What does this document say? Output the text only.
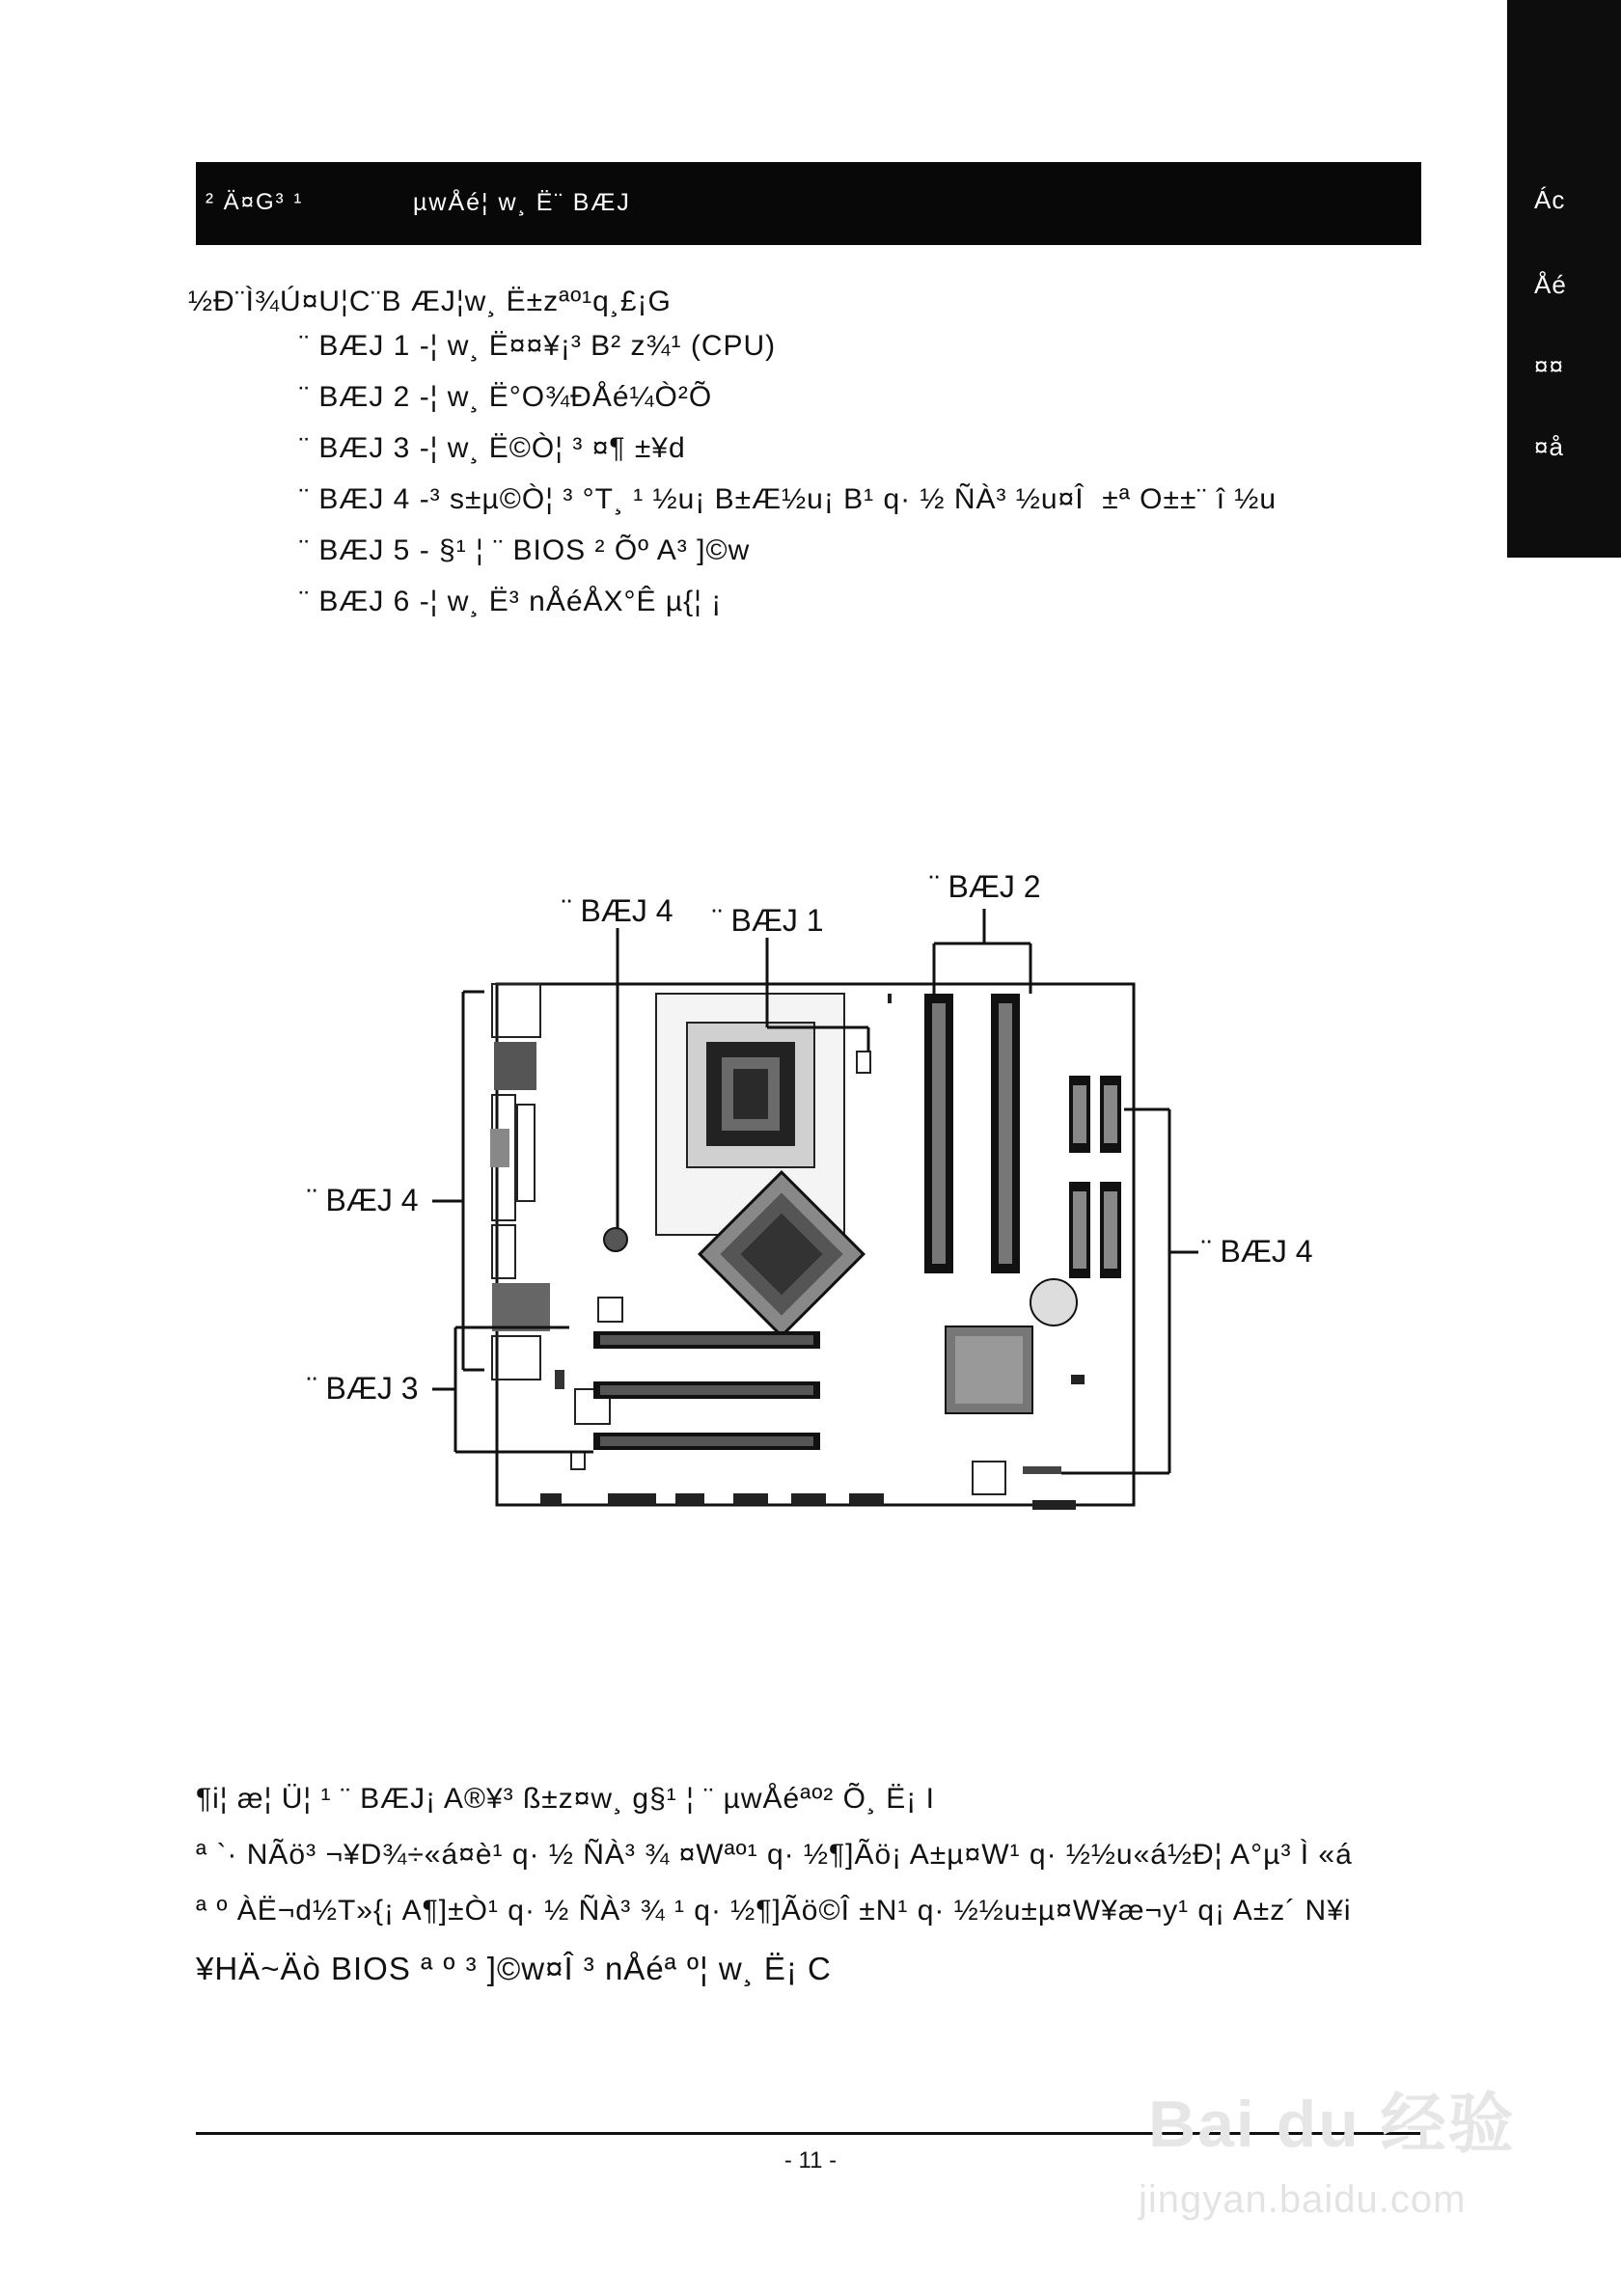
Ác
Åé
¤¤
¤å
² Ä¤G³ ¹	µwÅé¦ w¸ Ë¨ BÆJ
½Ð¨Ì¾Ú¤U¦C¨B ÆJ¦w¸ Ë±zªº¹q¸£¡G
¨ BÆJ 1 -¦ w¸ Ë¤¤¥¡³ B² z¾¹ (CPU)
¨ BÆJ 2 -¦ w¸ Ë°O¾ÐÅé¼Ò²Õ
¨ BÆJ 3 -¦ w¸ Ë©Ò¦ ³ ¤¶ ±¥d
¨ BÆJ 4 -³ s±µ©Ò¦ ³ °T¸ ¹ ½u¡ B±Æ½u¡ B¹ q· ½ ÑÀ³ ½u¤Î ±ª O±±¨ î ½u
¨ BÆJ 5 - §¹ ¦ ¨ BIOS ² Õº A³ ]©w
¨ BÆJ 6 -¦ w¸ Ë³ nÅéÅX°Ê µ{¦ ¡
¨ BÆJ 4 ¨ BÆJ 1
¨ BÆJ 2
¨ BÆJ 4
¨ BÆJ 3
¨ BÆJ 4
¶i¦ æ¦ Ü¦ ¹ ¨ BÆJ¡ A®¥³ ß±z¤w¸ g§¹ ¦ ¨ µwÅéªº² Õ¸ Ë¡ I
ª `· NÃö³ ¬¥D¾÷«á¤è¹ q· ½ ÑÀ³ ¾ ¤Wªº¹ q· ½¶]Ãö¡ A±µ¤W¹ q· ½½u«á½Ð¦ A°µ³ Ì «á
ª º ÀË¬d½T»{¡ A¶]±Ò¹ q· ½ ÑÀ³ ¾ ¹ q· ½¶]Ãö©Î ±N¹ q· ½½u±µ¤W¥æ¬y¹ q¡ A±z´ N¥i
¥HÄ~Äò BIOS ª º ³ ]©w¤Î ³ nÅéª º¦ w¸ Ë¡ C
- 11 -	Bai du 经验
jingyan.baidu.com
